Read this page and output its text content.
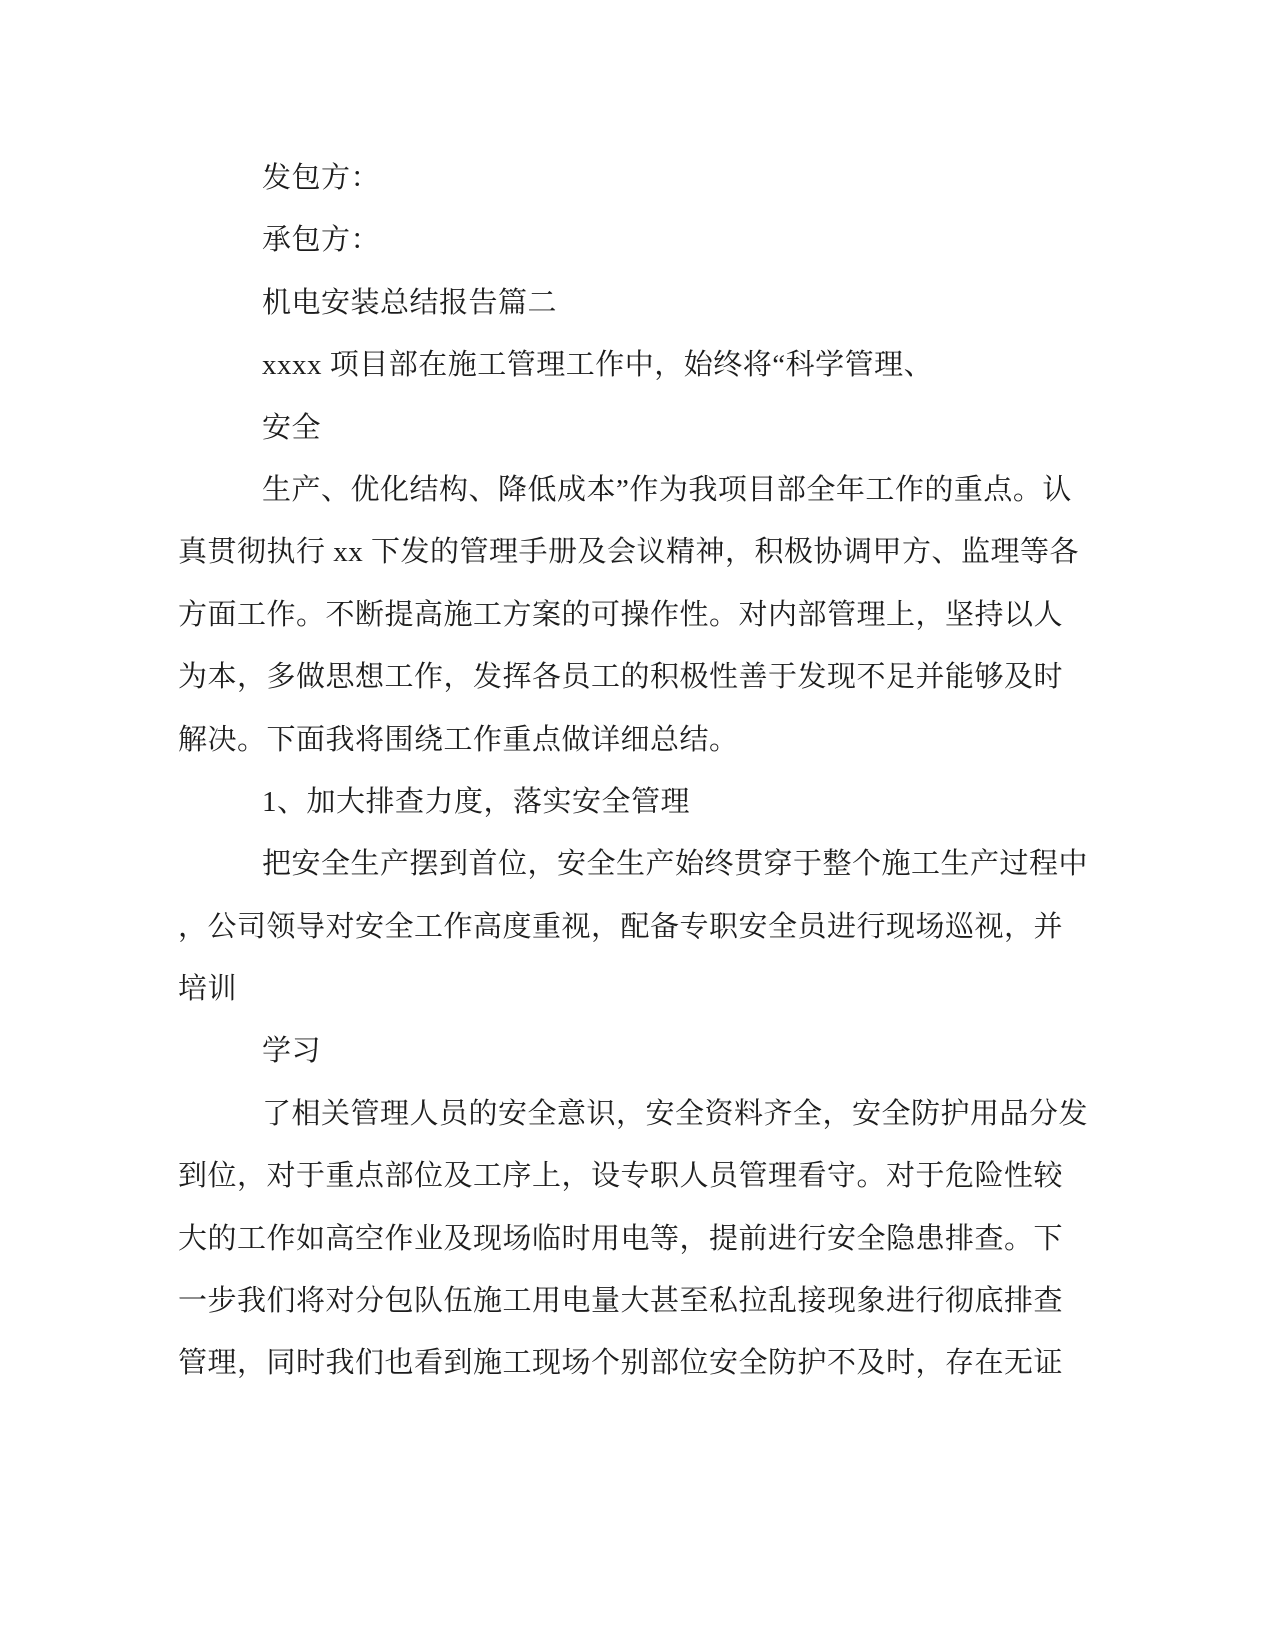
发包方：
承包方：
机电安装总结报告篇二
xxxx 项目部在施工管理工作中，始终将“科学管理、
安全
生产、优化结构、降低成本”作为我项目部全年工作的重点。认
真贯彻执行 xx 下发的管理手册及会议精神，积极协调甲方、监理等各
方面工作。不断提高施工方案的可操作性。对内部管理上，坚持以人
为本，多做思想工作，发挥各员工的积极性善于发现不足并能够及时
解决。下面我将围绕工作重点做详细总结。
1、加大排查力度，落实安全管理
把安全生产摆到首位，安全生产始终贯穿于整个施工生产过程中
，公司领导对安全工作高度重视，配备专职安全员进行现场巡视，并
培训
学习
了相关管理人员的安全意识，安全资料齐全，安全防护用品分发
到位，对于重点部位及工序上，设专职人员管理看守。对于危险性较
大的工作如高空作业及现场临时用电等，提前进行安全隐患排查。下
一步我们将对分包队伍施工用电量大甚至私拉乱接现象进行彻底排查
管理，同时我们也看到施工现场个别部位安全防护不及时，存在无证
